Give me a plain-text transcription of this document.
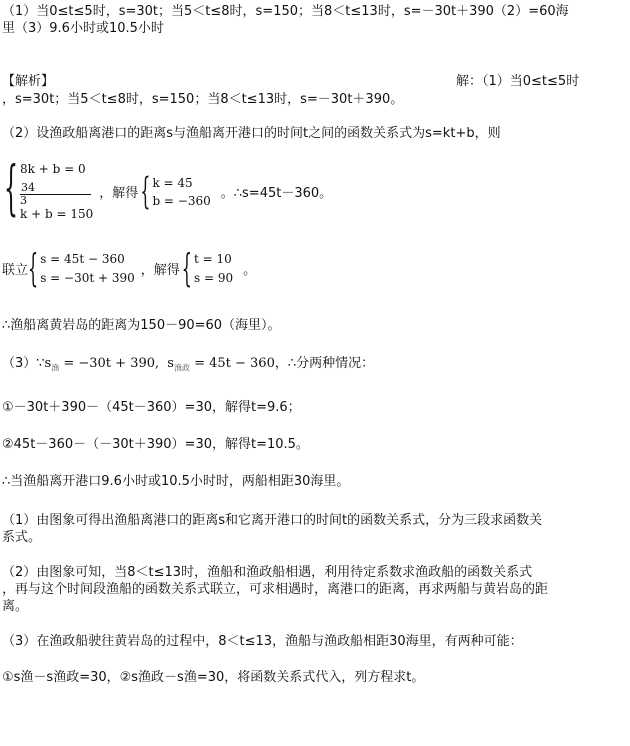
（1）当0≤t≤5时，s=30t；当5＜t≤8时，s=150；当8＜t≤13时，s=－30t＋390（2）=60海
里（3）9.6小时或10.5小时
【解析】	解：（1）当0≤t≤5时
，s=30t；当5＜t≤8时，s=150；当8＜t≤13时，s=－30t＋390。
（2）设渔政船离港口的距离s与渔船离开港口的时间t之间的函数关系式为s=kt+b，则
{ 8k + b = 0
34
3
k + b = 150
，解得 { k = 45
b = −360 。∴s=45t－360。
联立 { s = 45t − 360
s = −30t + 390 ，解得 { t = 10
s = 90 。
∴渔船离黄岩岛的距离为150－90=60（海里）。
$(3)\because s_渔 = -30t + 390$, $s_{渔政} = 45t - 360$，∴分两种情况：
①－30t＋390－（45t－360）=30，解得t=9.6；
②45t－360－（－30t＋390）=30，解得t=10.5。
∴当渔船离开港口9.6小时或10.5小时时，两船相距30海里。
（1）由图象可得出渔船离港口的距离s和它离开港口的时间t的函数关系式，分为三段求函数关
系式。
（2）由图象可知，当8＜t≤13时，渔船和渔政船相遇，利用待定系数求渔政船的函数关系式
，再与这个时间段渔船的函数关系式联立，可求相遇时，离港口的距离，再求两船与黄岩岛的距
离。
（3）在渔政船驶往黄岩岛的过程中，8＜t≤13，渔船与渔政船相距30海里，有两种可能：
①s渔－s渔政=30，②s渔政－s渔=30，将函数关系式代入，列方程求t。
